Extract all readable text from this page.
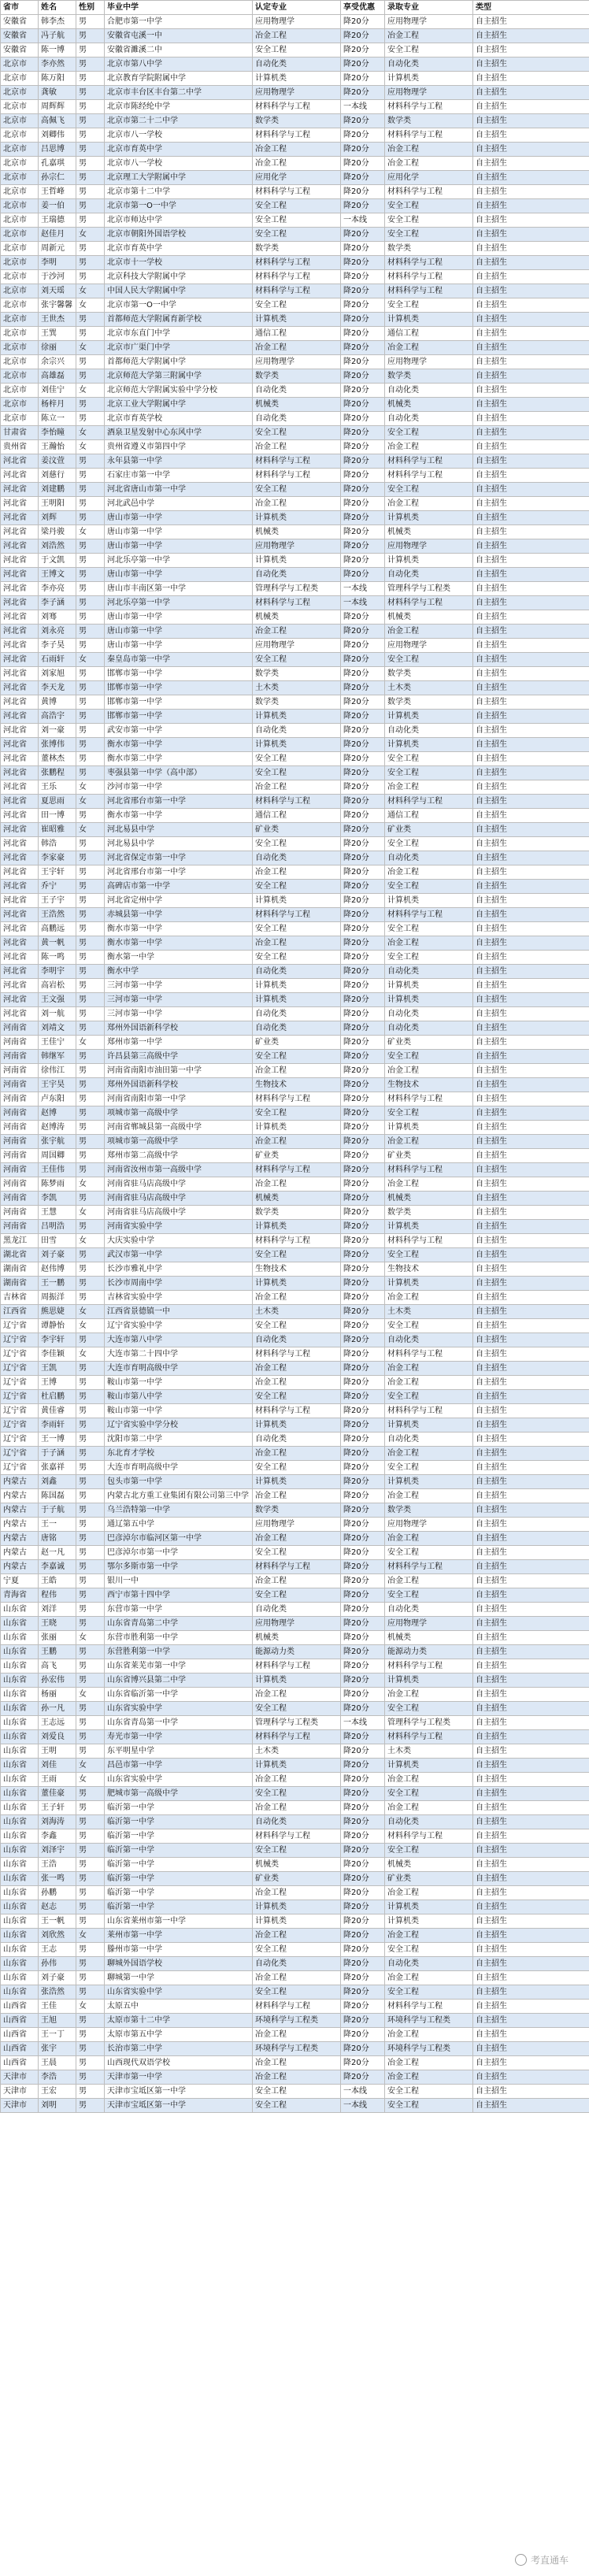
省市	姓名	性别	毕业中学	认定专业	享受优惠	录取专业	类型
安徽省	韩李杰	男	合肥市第一中学	应用物理学	降20分	应用物理学	自主招生
安徽省	冯子航	男	安徽省屯溪一中	冶金工程	降20分	冶金工程	自主招生
安徽省	陈一博	男	安徽省濉溪二中	安全工程	降20分	安全工程	自主招生
北京市	李亦然	男	北京市第八中学	自动化类	降20分	自动化类	自主招生
北京市	陈万阳	男	北京教育学院附属中学	计算机类	降20分	计算机类	自主招生
北京市	龚敏	男	北京市丰台区丰台第二中学	应用物理学	降20分	应用物理学	自主招生
北京市	周辉辉	男	北京市陈经纶中学	材料科学与工程	一本线	材料科学与工程	自主招生
北京市	高佩飞	男	北京市第二十二中学	数学类	降20分	数学类	自主招生
北京市	刘卿伟	男	北京市八一学校	材料科学与工程	降20分	材料科学与工程	自主招生
北京市	吕思博	男	北京市育英中学	冶金工程	降20分	冶金工程	自主招生
北京市	孔嘉琪	男	北京市八一学校	冶金工程	降20分	冶金工程	自主招生
北京市	孙宗仁	男	北京理工大学附属中学	应用化学	降20分	应用化学	自主招生
北京市	王哲峰	男	北京市第十二中学	材料科学与工程	降20分	材料科学与工程	自主招生
北京市	姜一伯	男	北京市第一O一中学	安全工程	降20分	安全工程	自主招生
北京市	王瑞德	男	北京市师达中学	安全工程	一本线	安全工程	自主招生
北京市	赵佳月	女	北京市朝阳外国语学校	安全工程	降20分	安全工程	自主招生
北京市	周新元	男	北京市育英中学	数学类	降20分	数学类	自主招生
北京市	李明	男	北京市十一学校	材料科学与工程	降20分	材料科学与工程	自主招生
北京市	于沙河	男	北京科技大学附属中学	材料科学与工程	降20分	材料科学与工程	自主招生
北京市	刘天瑶	女	中国人民大学附属中学	材料科学与工程	降20分	材料科学与工程	自主招生
北京市	张宇馨馨	女	北京市第一O一中学	安全工程	降20分	安全工程	自主招生
北京市	王世杰	男	首都师范大学附属育新学校	计算机类	降20分	计算机类	自主招生
北京市	王巽	男	北京市东直门中学	通信工程	降20分	通信工程	自主招生
北京市	徐丽	女	北京市广渠门中学	冶金工程	降20分	冶金工程	自主招生
北京市	余宗兴	男	首都师范大学附属中学	应用物理学	降20分	应用物理学	自主招生
北京市	高雄磊	男	北京师范大学第三附属中学	数学类	降20分	数学类	自主招生
北京市	刘佳宁	女	北京师范大学附属实验中学分校	自动化类	降20分	自动化类	自主招生
北京市	杨梓月	男	北京工业大学附属中学	机械类	降20分	机械类	自主招生
北京市	陈立一	男	北京市育英学校	自动化类	降20分	自动化类	自主招生
甘肃省	李怡瞳	女	酒泉卫星发射中心东风中学	安全工程	降20分	安全工程	自主招生
贵州省	王瀚怡	女	贵州省遵义市第四中学	冶金工程	降20分	冶金工程	自主招生
河北省	姜汶萱	男	永年县第一中学	材料科学与工程	降20分	材料科学与工程	自主招生
河北省	刘慈行	男	石家庄市第一中学	材料科学与工程	降20分	材料科学与工程	自主招生
河北省	刘建鹏	男	河北省唐山市第一中学	安全工程	降20分	安全工程	自主招生
河北省	王明阳	男	河北武邑中学	冶金工程	降20分	冶金工程	自主招生
河北省	刘辉	男	唐山市第一中学	计算机类	降20分	计算机类	自主招生
河北省	梁丹骏	女	唐山市第一中学	机械类	降20分	机械类	自主招生
河北省	刘浩然	男	唐山市第一中学	应用物理学	降20分	应用物理学	自主招生
河北省	于文凯	男	河北乐亭第一中学	计算机类	降20分	计算机类	自主招生
河北省	王博文	男	唐山市第一中学	自动化类	降20分	自动化类	自主招生
河北省	李亦亮	男	唐山市丰南区第一中学	管理科学与工程类	一本线	管理科学与工程类	自主招生
河北省	李子涵	男	河北乐亭第一中学	材料科学与工程	一本线	材料科学与工程	自主招生
河北省	刘骞	男	唐山市第一中学	机械类	降20分	机械类	自主招生
河北省	刘永亮	男	唐山市第一中学	冶金工程	降20分	冶金工程	自主招生
河北省	李子昊	男	唐山市第一中学	应用物理学	降20分	应用物理学	自主招生
河北省	石雨轩	女	秦皇岛市第一中学	安全工程	降20分	安全工程	自主招生
河北省	刘家旭	男	邯郸市第一中学	数学类	降20分	数学类	自主招生
河北省	李天龙	男	邯郸市第一中学	土木类	降20分	土木类	自主招生
河北省	黄博	男	邯郸市第一中学	数学类	降20分	数学类	自主招生
河北省	高浩宇	男	邯郸市第一中学	计算机类	降20分	计算机类	自主招生
河北省	刘一豪	男	武安市第一中学	自动化类	降20分	自动化类	自主招生
河北省	张博伟	男	衡水市第一中学	计算机类	降20分	计算机类	自主招生
河北省	董林杰	男	衡水市第二中学	安全工程	降20分	安全工程	自主招生
河北省	张鹏程	男	枣强县第一中学（高中部）	安全工程	降20分	安全工程	自主招生
河北省	王乐	女	沙河市第一中学	冶金工程	降20分	冶金工程	自主招生
河北省	夏思雨	女	河北省邢台市第一中学	材料科学与工程	降20分	材料科学与工程	自主招生
河北省	田一博	男	衡水市第一中学	通信工程	降20分	通信工程	自主招生
河北省	崔昭雅	女	河北易县中学	矿业类	降20分	矿业类	自主招生
河北省	韩浩	男	河北易县中学	安全工程	降20分	安全工程	自主招生
河北省	李家豪	男	河北省保定市第一中学	自动化类	降20分	自动化类	自主招生
河北省	王宇轩	男	河北省邢台市第一中学	冶金工程	降20分	冶金工程	自主招生
河北省	乔宁	男	高碑店市第一中学	安全工程	降20分	安全工程	自主招生
河北省	王子宇	男	河北省定州中学	计算机类	降20分	计算机类	自主招生
河北省	王浩然	男	赤城县第一中学	材料科学与工程	降20分	材料科学与工程	自主招生
河北省	高鹏远	男	衡水市第一中学	安全工程	降20分	安全工程	自主招生
河北省	黄一帆	男	衡水市第一中学	冶金工程	降20分	冶金工程	自主招生
河北省	陈一鸣	男	衡水第一中学	安全工程	降20分	安全工程	自主招生
河北省	李明宇	男	衡水中学	自动化类	降20分	自动化类	自主招生
河北省	高岩松	男	三河市第一中学	计算机类	降20分	计算机类	自主招生
河北省	王文强	男	三河市第一中学	计算机类	降20分	计算机类	自主招生
河北省	刘一航	男	三河市第一中学	自动化类	降20分	自动化类	自主招生
河南省	刘靖文	男	郑州外国语新科学校	自动化类	降20分	自动化类	自主招生
河南省	王佳宁	女	郑州市第一中学	矿业类	降20分	矿业类	自主招生
河南省	韩继军	男	许昌县第三高级中学	安全工程	降20分	安全工程	自主招生
河南省	徐伟江	男	河南省南阳市油田第一中学	冶金工程	降20分	冶金工程	自主招生
河南省	王宇昊	男	郑州外国语新科学校	生物技术	降20分	生物技术	自主招生
河南省	卢东阳	男	河南省南阳市第一中学	材料科学与工程	降20分	材料科学与工程	自主招生
河南省	赵博	男	项城市第一高级中学	安全工程	降20分	安全工程	自主招生
河南省	赵博涛	男	河南省郸城县第一高级中学	计算机类	降20分	计算机类	自主招生
河南省	张宇航	男	项城市第一高级中学	冶金工程	降20分	冶金工程	自主招生
河南省	周国卿	男	郑州市第二高级中学	矿业类	降20分	矿业类	自主招生
河南省	王佳伟	男	河南省汝州市第一高级中学	材料科学与工程	降20分	材料科学与工程	自主招生
河南省	陈梦雨	女	河南省驻马店高级中学	冶金工程	降20分	冶金工程	自主招生
河南省	李凯	男	河南省驻马店高级中学	机械类	降20分	机械类	自主招生
河南省	王慧	女	河南省驻马店高级中学	数学类	降20分	数学类	自主招生
河南省	吕明浩	男	河南省实验中学	计算机类	降20分	计算机类	自主招生
黑龙江	田雪	女	大庆实验中学	材料科学与工程	降20分	材料科学与工程	自主招生
湖北省	刘子豪	男	武汉市第一中学	安全工程	降20分	安全工程	自主招生
湖南省	赵伟博	男	长沙市雅礼中学	生物技术	降20分	生物技术	自主招生
湖南省	王一鹏	男	长沙市周南中学	计算机类	降20分	计算机类	自主招生
吉林省	周振洋	男	吉林省实验中学	冶金工程	降20分	冶金工程	自主招生
江西省	熊思婕	女	江西省景德镇一中	土木类	降20分	土木类	自主招生
辽宁省	谭静怡	女	辽宁省实验中学	安全工程	降20分	安全工程	自主招生
辽宁省	李宇轩	男	大连市第八中学	自动化类	降20分	自动化类	自主招生
辽宁省	李佳颖	女	大连市第二十四中学	材料科学与工程	降20分	材料科学与工程	自主招生
辽宁省	王凯	男	大连市育明高级中学	冶金工程	降20分	冶金工程	自主招生
辽宁省	王博	男	鞍山市第一中学	冶金工程	降20分	冶金工程	自主招生
辽宁省	杜启鹏	男	鞍山市第八中学	安全工程	降20分	安全工程	自主招生
辽宁省	黄佳睿	男	鞍山市第一中学	材料科学与工程	降20分	材料科学与工程	自主招生
辽宁省	李雨轩	男	辽宁省实验中学分校	计算机类	降20分	计算机类	自主招生
辽宁省	王一博	男	沈阳市第二中学	自动化类	降20分	自动化类	自主招生
辽宁省	于子涵	男	东北育才学校	冶金工程	降20分	冶金工程	自主招生
辽宁省	张嘉祥	男	大连市育明高级中学	安全工程	降20分	安全工程	自主招生
内蒙古	刘鑫	男	包头市第一中学	计算机类	降20分	计算机类	自主招生
内蒙古	陈国磊	男	内蒙古北方重工业集团有限公司第三中学	冶金工程	降20分	冶金工程	自主招生
内蒙古	于子航	男	乌兰浩特第一中学	数学类	降20分	数学类	自主招生
内蒙古	王一	男	通辽第五中学	应用物理学	降20分	应用物理学	自主招生
内蒙古	唐铭	男	巴彦淖尔市临河区第一中学	冶金工程	降20分	冶金工程	自主招生
内蒙古	赵一凡	男	巴彦淖尔市第一中学	安全工程	降20分	安全工程	自主招生
内蒙古	李嘉诚	男	鄂尔多斯市第一中学	材料科学与工程	降20分	材料科学与工程	自主招生
宁夏	王皓	男	银川一中	冶金工程	降20分	冶金工程	自主招生
青海省	程伟	男	西宁市第十四中学	安全工程	降20分	安全工程	自主招生
山东省	刘洋	男	东营市第一中学	自动化类	降20分	自动化类	自主招生
山东省	王晓	男	山东省青岛第二中学	应用物理学	降20分	应用物理学	自主招生
山东省	张丽	女	东营市胜利第一中学	机械类	降20分	机械类	自主招生
山东省	王鹏	男	东营胜利第一中学	能源动力类	降20分	能源动力类	自主招生
山东省	高飞	男	山东省莱芜市第一中学	材料科学与工程	降20分	材料科学与工程	自主招生
山东省	孙宏伟	男	山东省博兴县第二中学	计算机类	降20分	计算机类	自主招生
山东省	杨丽	女	山东省临沂第一中学	冶金工程	降20分	冶金工程	自主招生
山东省	孙一凡	男	山东省实验中学	安全工程	降20分	安全工程	自主招生
山东省	王志远	男	山东省青岛第一中学	管理科学与工程类	一本线	管理科学与工程类	自主招生
山东省	刘爱良	男	寿光市第一中学	材料科学与工程	降20分	材料科学与工程	自主招生
山东省	王明	男	东平明星中学	土木类	降20分	土木类	自主招生
山东省	刘佳	女	昌邑市第一中学	计算机类	降20分	计算机类	自主招生
山东省	王雨	女	山东省实验中学	冶金工程	降20分	冶金工程	自主招生
山东省	董佳豪	男	肥城市第一高级中学	安全工程	降20分	安全工程	自主招生
山东省	王子轩	男	临沂第一中学	冶金工程	降20分	冶金工程	自主招生
山东省	刘海涛	男	临沂第一中学	自动化类	降20分	自动化类	自主招生
山东省	李鑫	男	临沂第一中学	材料科学与工程	降20分	材料科学与工程	自主招生
山东省	刘泽宇	男	临沂第一中学	安全工程	降20分	安全工程	自主招生
山东省	王浩	男	临沂第一中学	机械类	降20分	机械类	自主招生
山东省	张一鸣	男	临沂第一中学	矿业类	降20分	矿业类	自主招生
山东省	孙鹏	男	临沂第一中学	冶金工程	降20分	冶金工程	自主招生
山东省	赵志	男	临沂第一中学	计算机类	降20分	计算机类	自主招生
山东省	王一帆	男	山东省莱州市第一中学	计算机类	降20分	计算机类	自主招生
山东省	刘欣然	女	莱州市第一中学	冶金工程	降20分	冶金工程	自主招生
山东省	王志	男	滕州市第一中学	安全工程	降20分	安全工程	自主招生
山东省	孙伟	男	聊城外国语学校	自动化类	降20分	自动化类	自主招生
山东省	刘子豪	男	聊城第一中学	冶金工程	降20分	冶金工程	自主招生
山东省	张浩然	男	山东省实验中学	安全工程	降20分	安全工程	自主招生
山西省	王佳	女	太原五中	材料科学与工程	降20分	材料科学与工程	自主招生
山西省	王旭	男	太原市第十二中学	环境科学与工程类	降20分	环境科学与工程类	自主招生
山西省	王一丁	男	太原市第五中学	冶金工程	降20分	冶金工程	自主招生
山西省	张宇	男	长治市第二中学	环境科学与工程类	降20分	环境科学与工程类	自主招生
山西省	王晨	男	山西现代双语学校	冶金工程	降20分	冶金工程	自主招生
天津市	李浩	男	天津市第一中学	冶金工程	降20分	冶金工程	自主招生
天津市	王宏	男	天津市宝坻区第一中学	安全工程	一本线	安全工程	自主招生
天津市	刘明	男	天津市宝坻区第一中学	安全工程	一本线	安全工程	自主招生
考直通车
